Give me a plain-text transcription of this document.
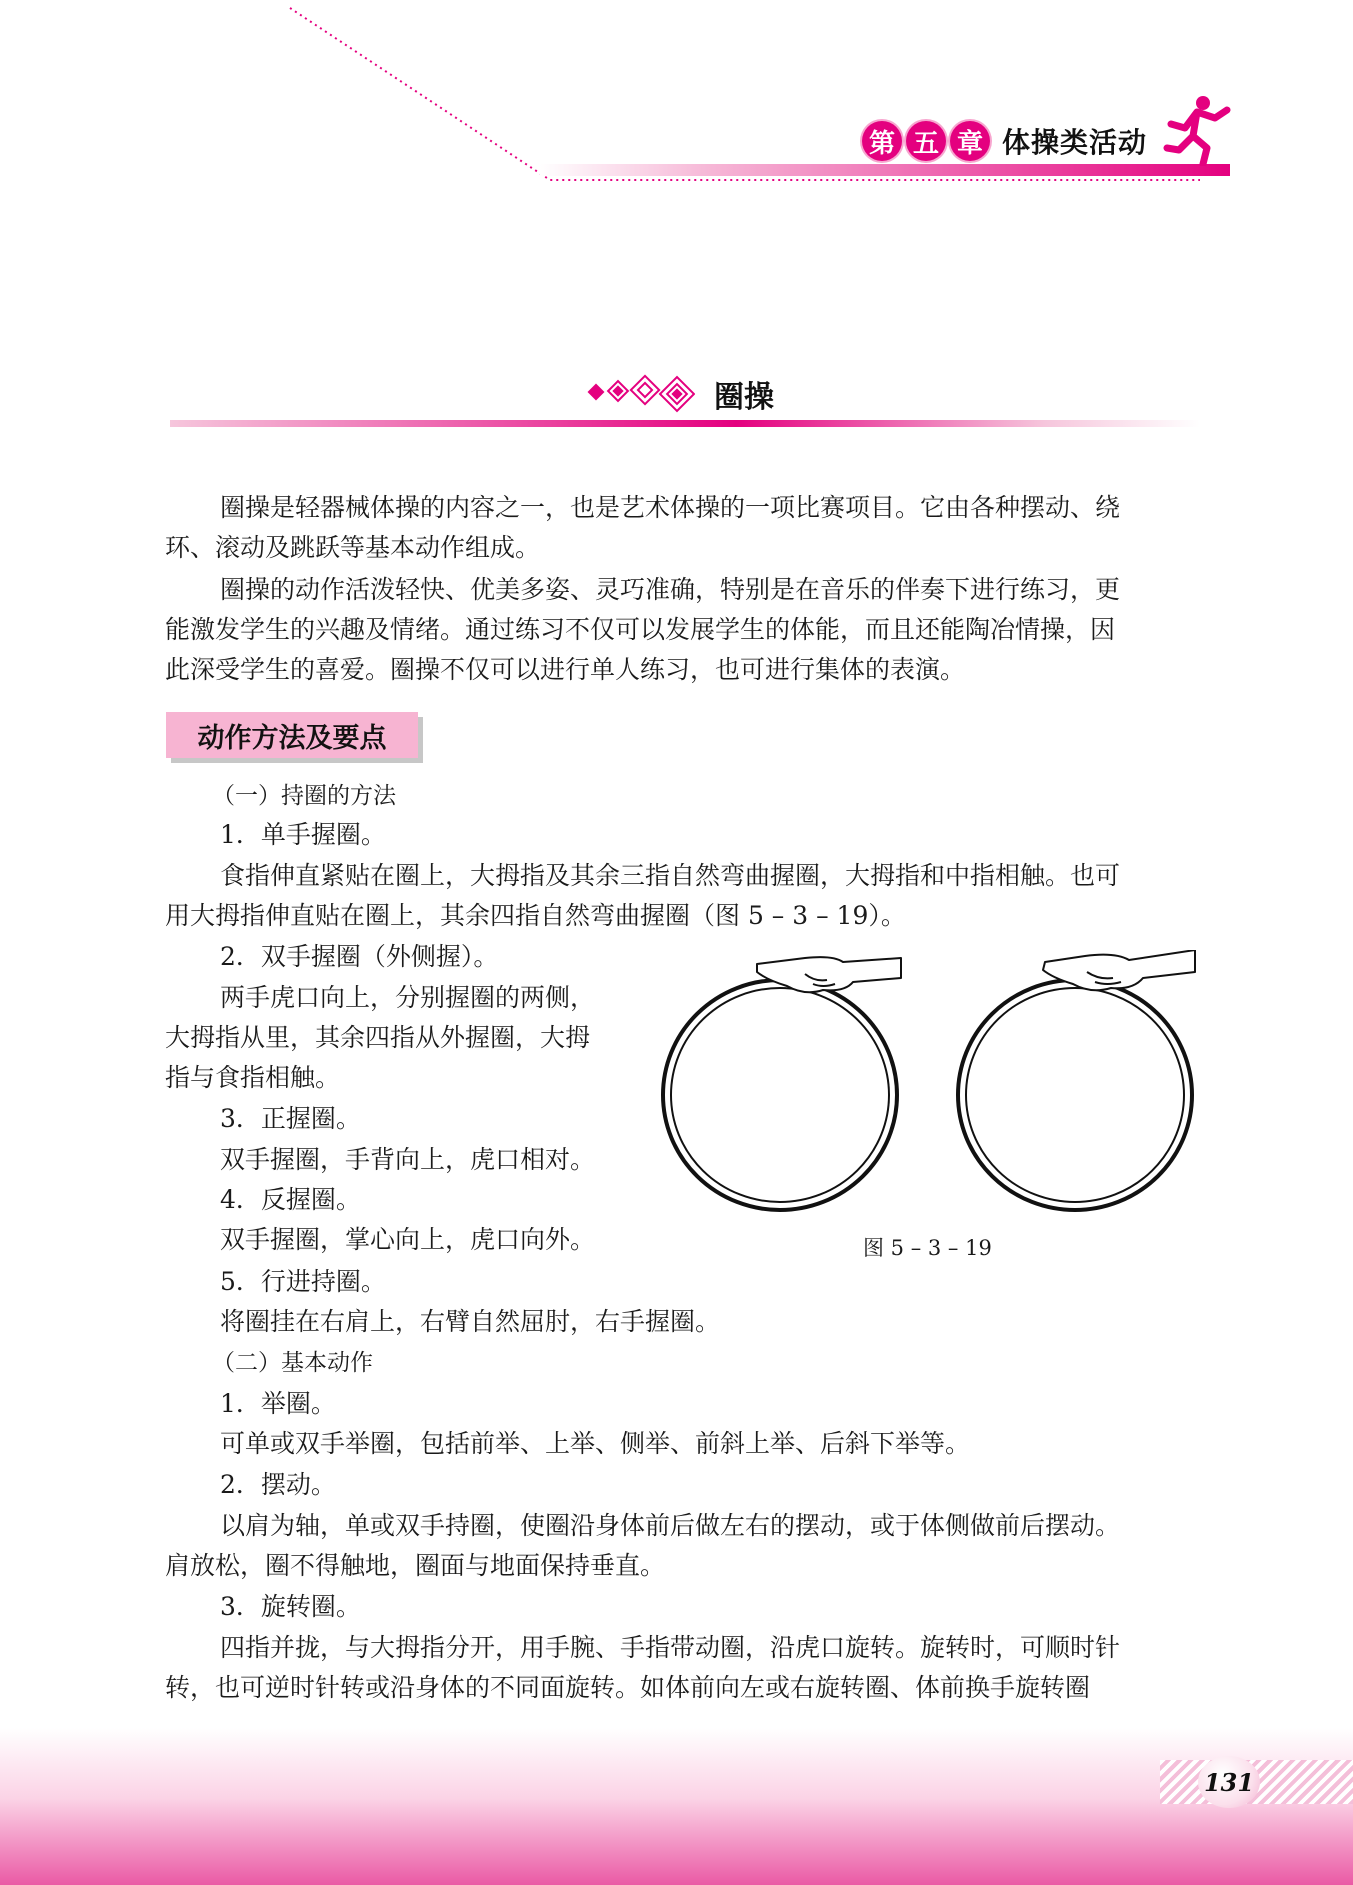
第 五 章 体操类活动
圈操
圈操是轻器械体操的内容之一，也是艺术体操的一项比赛项目。它由各种摆动、绕
环、滚动及跳跃等基本动作组成。
圈操的动作活泼轻快、优美多姿、灵巧准确，特别是在音乐的伴奏下进行练习，更
能激发学生的兴趣及情绪。通过练习不仅可以发展学生的体能，而且还能陶冶情操，因
此深受学生的喜爱。圈操不仅可以进行单人练习，也可进行集体的表演。
动作方法及要点
（一）持圈的方法
1．单手握圈。
食指伸直紧贴在圈上，大拇指及其余三指自然弯曲握圈，大拇指和中指相触。也可
用大拇指伸直贴在圈上，其余四指自然弯曲握圈（图 5 – 3 – 19）。
2．双手握圈（外侧握）。
两手虎口向上，分别握圈的两侧，
大拇指从里，其余四指从外握圈，大拇
指与食指相触。
3．正握圈。
双手握圈，手背向上，虎口相对。
4．反握圈。
双手握圈，掌心向上，虎口向外。
5．行进持圈。
将圈挂在右肩上，右臂自然屈肘，右手握圈。
图 5 – 3 – 19
（二）基本动作
1．举圈。
可单或双手举圈，包括前举、上举、侧举、前斜上举、后斜下举等。
2．摆动。
以肩为轴，单或双手持圈，使圈沿身体前后做左右的摆动，或于体侧做前后摆动。
肩放松，圈不得触地，圈面与地面保持垂直。
3．旋转圈。
四指并拢，与大拇指分开，用手腕、手指带动圈，沿虎口旋转。旋转时，可顺时针
转，也可逆时针转或沿身体的不同面旋转。如体前向左或右旋转圈、体前换手旋转圈
131
